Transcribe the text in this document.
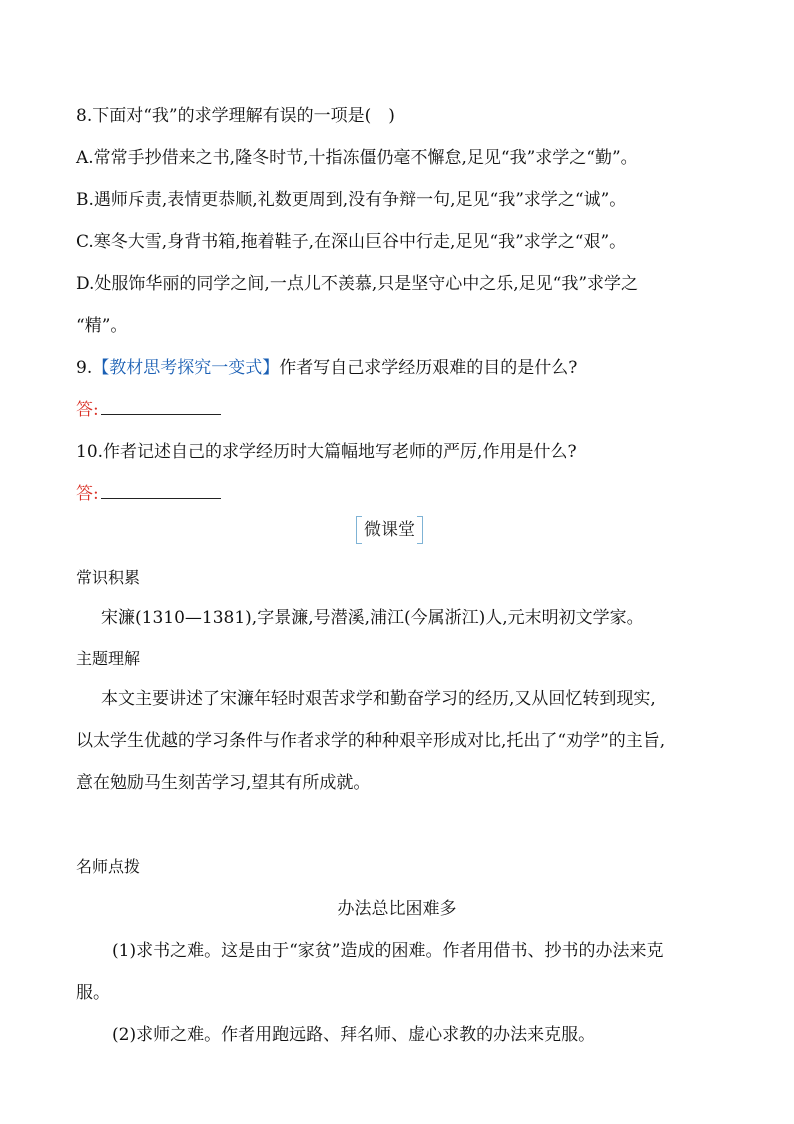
8.下面对“我”的求学理解有误的一项是(　)
A.常常手抄借来之书,隆冬时节,十指冻僵仍毫不懈怠,足见“我”求学之“勤”。
B.遇师斥责,表情更恭顺,礼数更周到,没有争辩一句,足见“我”求学之“诚”。
C.寒冬大雪,身背书箱,拖着鞋子,在深山巨谷中行走,足见“我”求学之“艰”。
D.处服饰华丽的同学之间,一点儿不羡慕,只是坚守心中之乐,足见“我”求学之
“精”。
9.【教材思考探究一变式】作者写自己求学经历艰难的目的是什么?
答:
10.作者记述自己的求学经历时大篇幅地写老师的严厉,作用是什么?
答:
微课堂
常识积累
宋濂(1310—1381),字景濂,号潜溪,浦江(今属浙江)人,元末明初文学家。
主题理解
本文主要讲述了宋濂年轻时艰苦求学和勤奋学习的经历,又从回忆转到现实,
以太学生优越的学习条件与作者求学的种种艰辛形成对比,托出了“劝学”的主旨,
意在勉励马生刻苦学习,望其有所成就。
名师点拨
办法总比困难多
(1)求书之难。这是由于“家贫”造成的困难。作者用借书、抄书的办法来克
服。
(2)求师之难。作者用跑远路、拜名师、虚心求教的办法来克服。
